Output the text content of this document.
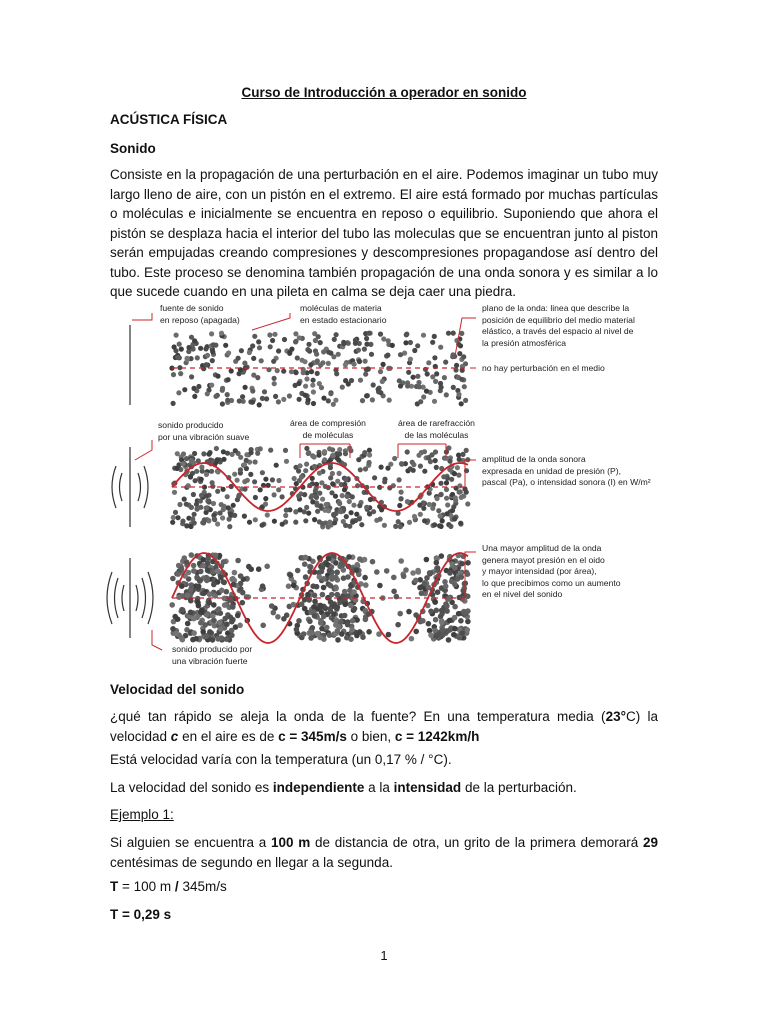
Curso de Introducción a operador en sonido
ACÚSTICA FÍSICA
Sonido

Consiste en la propagación de una perturbación en el aire. Podemos imaginar un tubo muy largo lleno de aire, con un pistón en el extremo. El aire está formado por muchas partículas o moléculas e inicialmente se encuentra en reposo o equilibrio. Suponiendo que ahora el pistón se desplaza hacia el interior del tubo las moleculas que se encuentran junto al piston serán empujadas creando compresiones y descompresiones propagandose así dentro del tubo. Este proceso se denomina también propagación de una onda sonora y es similar a lo que sucede cuando en una pileta en calma se deja caer una piedra.

Velocidad del sonido

¿qué tan rápido se aleja la onda de la fuente? En una temperatura media (23°C) la velocidad c en el aire es de c = 345m/s o bien, c = 1242km/h

Está velocidad varía con la temperatura (un 0,17 % / °C).

La velocidad del sonido es independiente a la intensidad de la perturbación.

Ejemplo 1:

Si alguien se encuentra a 100 m de distancia de otra, un grito de la primera demorará 29 centésimas de segundo en llegar a la segunda.

T = 100 m / 345m/s

T = 0,29 s

fuente de sonido
en reposo (apagada)
moléculas de materia
en estado estacionario
plano de la onda: linea que describe la
posición de equilibrio del medio material
elástico, a través del espacio al nivel de
la presión atmosférica
no hay perturbación en el medio
sonido producido
por una vibración suave
área de compresión
de moléculas
área de rarefracción
de las moléculas
amplitud de la onda sonora
expresada en unidad de presión (P),
pascal (Pa), o intensidad sonora (I) en W/m²
Una mayor amplitud de la onda
genera mayot presión en el oido
y mayor intensidad (por área),
lo que precibimos como un aumento
en el nivel del sonido
sonido producido por
una vibración fuerte
1
